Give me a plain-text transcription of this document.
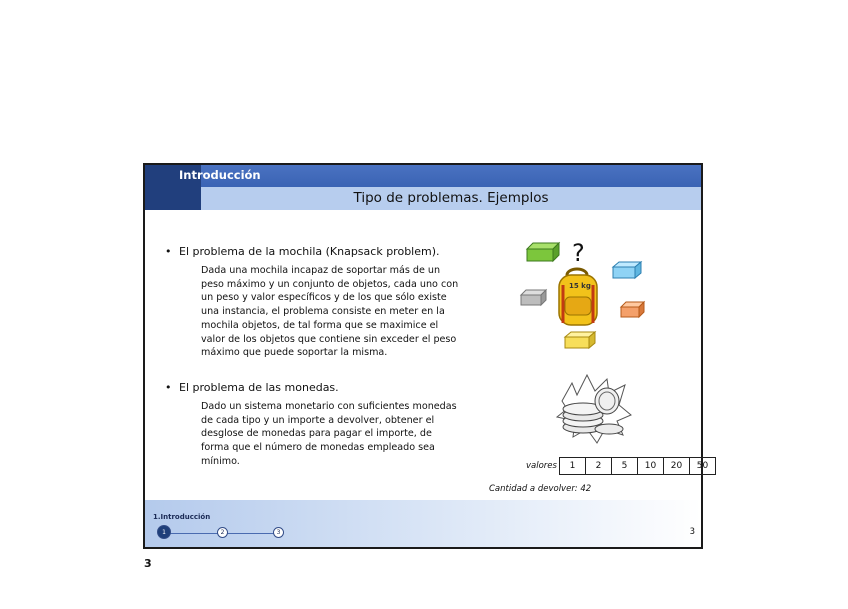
Introducción
Tipo de problemas. Ejemplos
• El problema de la mochila (Knapsack problem).
Dada una mochila incapaz de soportar más de un
peso máximo y un conjunto de objetos, cada uno con
un peso y valor específicos y de los que sólo existe
una instancia, el problema consiste en meter en la
mochila objetos, de tal forma que se maximice el
valor de los objetos que contiene sin exceder el peso
máximo que puede soportar la misma.
?
15 kg
• El problema de las monedas.
Dado un sistema monetario con suficientes monedas
de cada tipo y un importe a devolver, obtener el
desglose de monedas para pagar el importe, de
forma que el número de monedas empleado sea
mínimo.	valores	1	2	5	10	20	50
Cantidad a devolver: 42
1.Introducción
1	2	3	3
3
